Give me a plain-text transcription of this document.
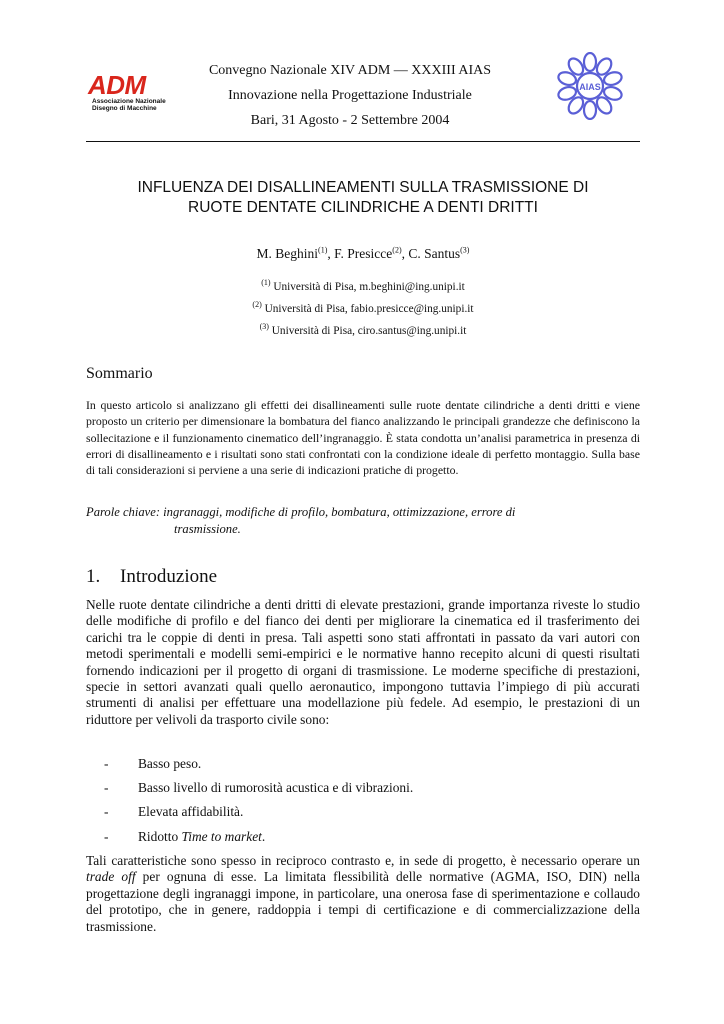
ADM
Associazione Nazionale
Disegno di Macchine
Convegno Nazionale XIV ADM — XXXIII AIAS
Innovazione nella Progettazione Industriale
Bari, 31 Agosto - 2 Settembre 2004
AIAS
INFLUENZA DEI DISALLINEAMENTI SULLA TRASMISSIONE DI
RUOTE DENTATE CILINDRICHE A DENTI DRITTI
M. Beghini$^{(1)}$, F. Presicce$^{(2)}$, C. Santus$^{(3)}$
$^{(1)}$ Università di Pisa, m.beghini@ing.unipi.it
$^{(2)}$ Università di Pisa, fabio.presicce@ing.unipi.it
$^{(3)}$ Università di Pisa, ciro.santus@ing.unipi.it
Sommario
In questo articolo si analizzano gli effetti dei disallineamenti sulle ruote dentate cilindriche a denti dritti e viene proposto un criterio per dimensionare la bombatura del fianco analizzando le principali grandezze che definiscono la sollecitazione e il funzionamento cinematico dell’ingranaggio. È stata condotta un’analisi parametrica in presenza di errori di disallineamento e i risultati sono stati confrontati con la condizione ideale di perfetto montaggio. Sulla base di tali considerazioni si perviene a una serie di indicazioni pratiche di progetto.
Parole chiave: ingranaggi, modifiche di profilo, bombatura, ottimizzazione, errore di
trasmissione.
1. Introduzione
Nelle ruote dentate cilindriche a denti dritti di elevate prestazioni, grande importanza riveste lo studio delle modifiche di profilo e del fianco dei denti per migliorare la cinematica ed il trasferimento dei carichi tra le coppie di denti in presa. Tali aspetti sono stati affrontati in passato da vari autori con metodi sperimentali e modelli semi-empirici e le normative hanno recepito alcuni di questi risultati fornendo indicazioni per il progetto di organi di trasmissione. Le moderne specifiche di prestazioni, specie in settori avanzati quali quello aeronautico, impongono tuttavia l’impiego di più accurati strumenti di analisi per effettuare una modellazione più fedele. Ad esempio, le prestazioni di un riduttore per velivoli da trasporto civile sono:
- Basso peso.
- Basso livello di rumorosità acustica e di vibrazioni.
- Elevata affidabilità.
- Ridotto Time to market.
Tali caratteristiche sono spesso in reciproco contrasto e, in sede di progetto, è necessario operare un trade off per ognuna di esse. La limitata flessibilità delle normative (AGMA, ISO, DIN) nella progettazione degli ingranaggi impone, in particolare, una onerosa fase di sperimentazione e collaudo del prototipo, che in genere, raddoppia i tempi di certificazione e di commercializzazione della trasmissione.
